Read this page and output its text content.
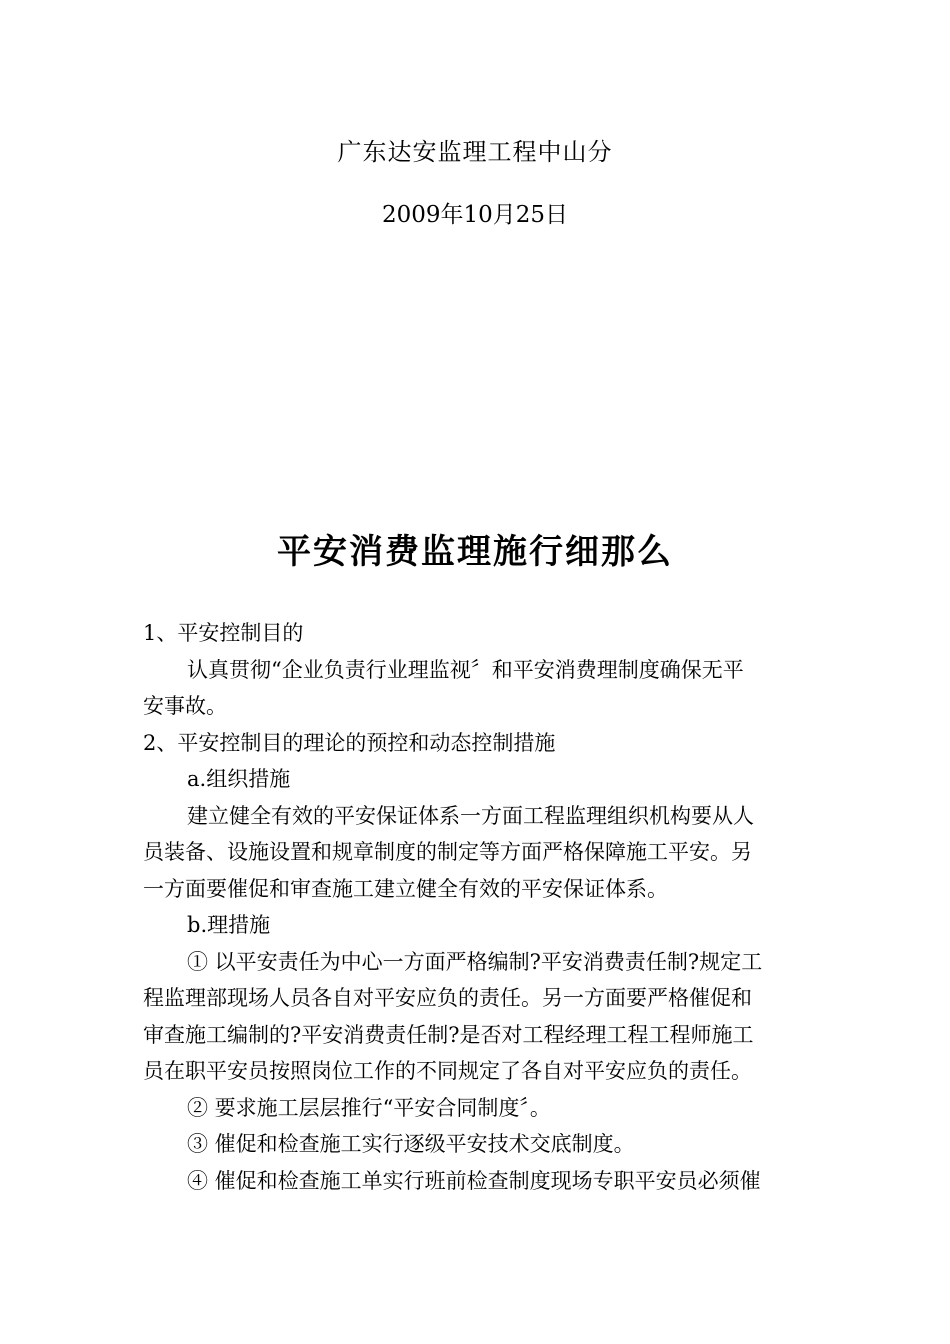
广东达安监理工程中山分
2009年10月25日
平安消费监理施行细那么
1、平安控制目的
认真贯彻“企业负责行业理监视〞和平安消费理制度确保无平
安事故。
2、平安控制目的理论的预控和动态控制措施
a.组织措施
建立健全有效的平安保证体系一方面工程监理组织机构要从人
员装备、设施设置和规章制度的制定等方面严格保障施工平安。另
一方面要催促和审查施工建立健全有效的平安保证体系。
b.理措施
① 以平安责任为中心一方面严格编制?平安消费责任制?规定工
程监理部现场人员各自对平安应负的责任。另一方面要严格催促和
审查施工编制的?平安消费责任制?是否对工程经理工程工程师施工
员在职平安员按照岗位工作的不同规定了各自对平安应负的责任。
② 要求施工层层推行“平安合同制度〞。
③ 催促和检查施工实行逐级平安技术交底制度。
④ 催促和检查施工单实行班前检查制度现场专职平安员必须催
